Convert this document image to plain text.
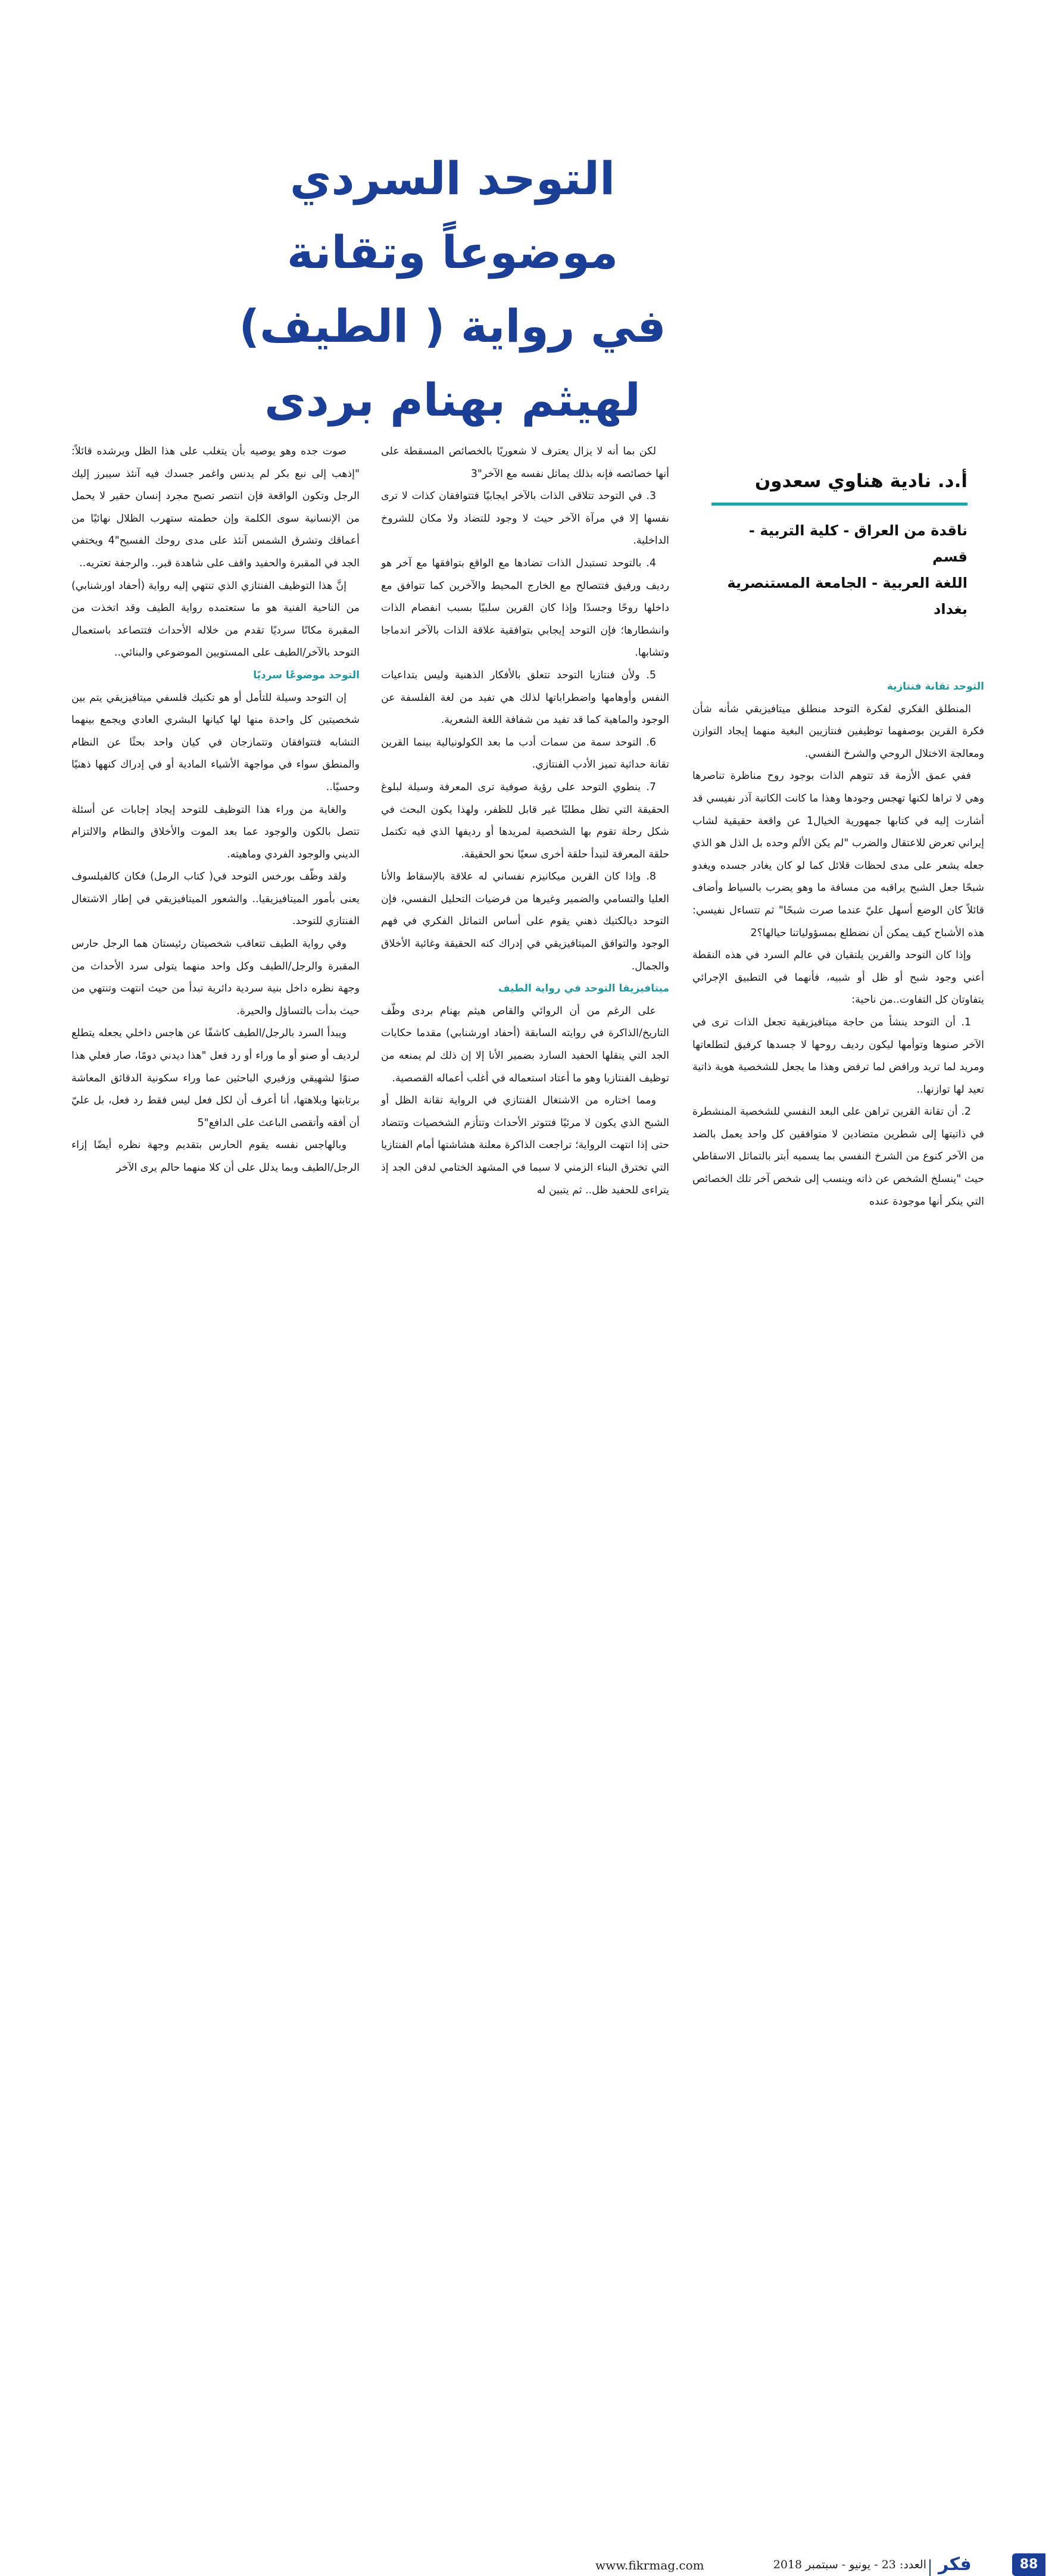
التوحد السردي
موضوعاً وتقانة
في رواية ( الطيف)
لهيثم بهنام بردى
أ.د. نادية هناوي سعدون
ناقدة من العراق - كلية التربية - قسم
اللغة العربية - الجامعة المستنصرية
بغداد

التوحد تقانة فنتازية

المنطلق الفكري لفكرة التوحد منطلق ميتافيزيقي شأنه شأن فكرة القرين بوصفهما توظيفين فنتازيين البغية منهما إيجاد التوازن ومعالجة الاختلال الروحي والشرخ النفسي.

ففي عمق الأزمة قد تتوهم الذات بوجود روح مناظرة تناصرها وهي لا تراها لكنها تهجس وجودها وهذا ما كانت الكاتبة آذر نفيسي قد أشارت إليه في كتابها جمهورية الخيال1 عن واقعة حقيقية لشاب إيراني تعرض للاعتقال والضرب "لم يكن الألم وحده بل الذل هو الذي جعله يشعر على مدى لحظات قلائل كما لو كان يغادر جسده ويغدو شبحًا جعل الشبح يراقبه من مسافة ما وهو يضرب بالسياط وأضاف قائلاً كان الوضع أسهل عليّ عندما صرت شبحًا" ثم تتساءل نفيسي: هذه الأشباح كيف يمكن أن نضطلع بمسؤولياتنا حيالها؟2

وإذا كان التوحد والقرين يلتقيان في عالم السرد في هذه النقطة أعني وجود شبح أو ظل أو شبيه، فأنهما في التطبيق الإجرائي يتفاوتان كل التفاوت..من ناحية:

1. أن التوحد ينشأ من حاجة ميتافيزيقية تجعل الذات ترى في الآخر صنوها وتوأمها ليكون رديف روحها لا جسدها كرفيق لتطلعاتها ومريد لما تريد ورافض لما ترفض وهذا ما يجعل للشخصية هوية ذاتية تعيد لها توازنها..

2. أن تقانة القرين تراهن على البعد النفسي للشخصية المنشطرة في ذاتيتها إلى شطرين متضادين لا متوافقين كل واحد يعمل بالضد من الآخر كنوع من الشرخ النفسي بما يسميه أبتر بالتماثل الاسقاطي حيث "ينسلخ الشخص عن ذاته وينسب إلى شخص آخر تلك الخصائص التي ينكر أنها موجودة عنده

لكن بما أنه لا يزال يعترف لا شعوريًا بالخصائص المسقطة على أنها خصائصه فإنه بذلك يماثل نفسه مع الآخر"3

3. في التوحد تتلاقى الذات بالآخر ايجابيًا فتتوافقان كذات لا ترى نفسها إلا في مرآة الآخر حيث لا وجود للتضاد ولا مكان للشروخ الداخلية.

4. بالتوحد تستبدل الذات تضادها مع الواقع بتوافقها مع آخر هو رديف ورفيق فتتصالح مع الخارج المحيط والآخرين كما تتوافق مع داخلها روحًا وجسدًا وإذا كان القرين سلبيًا بسبب انفصام الذات وانشطارها؛ فإن التوحد إيجابي بتوافقية علاقة الذات بالآخر اندماجا وتشابها.

5. ولأن فنتازيا التوحد تتعلق بالأفكار الذهنية وليس بتداعيات النفس وأوهامها واضطراباتها لذلك هي تفيد من لغة الفلسفة عن الوجود والماهية كما قد تفيد من شفافة اللغة الشعرية.

6. التوحد سمة من سمات أدب ما بعد الكولونيالية بينما القرين تقانة حداثية تميز الأدب الفنتازي.

7. ينطوي التوحد على رؤية صوفية ترى المعرفة وسيلة لبلوغ الحقيقة التي تظل مطلبًا غير قابل للظفر، ولهذا يكون البحث في شكل رحلة تقوم بها الشخصية لمريدها أو رديفها الذي فيه تكتمل حلقة المعرفة لتبدأ حلقة أخرى سعيًا نحو الحقيقة.

8. وإذا كان القرين ميكانيزم نفساني له علاقة بالإسقاط والأنا العليا والتسامي والضمير وغيرها من فرضيات التحليل النفسي، فإن التوحد ديالكتيك ذهني يقوم على أساس التماثل الفكري في فهم الوجود والتوافق الميتافيزيقي في إدراك كنه الحقيقة وغائية الأخلاق والجمال.

ميتافيزيقا التوحد في رواية الطيف

على الرغم من أن الروائي والقاص هيثم بهنام بردى وظّف التاريخ/الذاكرة في روايته السابقة (أحفاد اورشنابي) مقدما حكايات الجد التي ينقلها الحفيد السارد بضمير الأنا إلا إن ذلك لم يمنعه من توظيف الفنتازيا وهو ما أعتاد استعماله في أغلب أعماله القصصية.

ومما اختاره من الاشتغال الفنتازي في الرواية تقانة الظل أو الشبح الذي يكون لا مرئيًا فتتوتر الأحداث وتتأزم الشخصيات وتتضاد حتى إذا انتهت الرواية؛ تراجعت الذاكرة معلنة هشاشتها أمام الفنتازيا التي تخترق البناء الزمني لا سيما في المشهد الختامي لدفن الجد إذ يتراءى للحفيد ظل.. ثم يتبين له

صوت جده وهو يوصيه بأن يتغلب على هذا الظل ويرشده قائلاً: "إذهب إلى نبع بكر لم يدنس واغمر جسدك فيه آنئذ سيبرز إليك الرجل وتكون الواقعة فإن انتصر تصبح مجرد إنسان حقير لا يحمل من الإنسانية سوى الكلمة وإن حطمته ستهرب الظلال نهائيًا من أعماقك وتشرق الشمس آنئذ على مدى روحك الفسيح"4 ويختفي الجد في المقبرة والحفيد واقف على شاهدة قبر.. والرجفة تعتريه..

إنَّ هذا التوظيف الفنتازي الذي تنتهي إليه رواية (أحفاد اورشنابي) من الناحية الفنية هو ما ستعتمده رواية الطيف وقد اتخذت من المقبرة مكانًا سرديًا تقدم من خلاله الأحداث فتتصاعد باستعمال التوحد بالآخر/الطيف على المستويين الموضوعي والبنائي..

التوحد موضوعًا سرديًا

إن التوحد وسيلة للتأمل أو هو تكنيك فلسفي ميتافيزيقي يتم بين شخصيتين كل واحدة منها لها كيانها البشري العادي ويجمع بينهما التشابه فتتوافقان وتتمازجان في كيان واحد بحثًا عن النظام والمنطق سواء في مواجهة الأشياء المادية أو في إدراك كنهها ذهنيًا وحسيًا..

والغاية من وراء هذا التوظيف للتوحد إيجاد إجابات عن أسئلة تتصل بالكون والوجود عما بعد الموت والأخلاق والنظام والالتزام الديني والوجود الفردي وماهيته.

ولقد وظّف بورخس التوحد في( كتاب الرمل) فكان كالفيلسوف يعنى بأمور الميتافيزيقيا.. والشعور الميتافيزيقي في إطار الاشتغال الفنتازي للتوحد.

وفي رواية الطيف تتعاقب شخصيتان رئيستان هما الرجل حارس المقبرة والرجل/الطيف وكل واحد منهما يتولى سرد الأحداث من وجهة نظره داخل بنية سردية دائرية تبدأ من حيث انتهت وتنتهي من حيث بدأت بالتساؤل والحيرة.

ويبدأ السرد بالرجل/الطيف كاشفًا عن هاجس داخلي يجعله يتطلع لرديف أو صنو أو ما وراء أو رد فعل "هذا ديدني دومًا، صار فعلي هذا صنوًا لشهيقي وزفيري الباحثين عما وراء سكونية الدقائق المعاشة برتابتها وبلاهتها، أنا أعرف أن لكل فعل ليس فقط رد فعل، بل عليّ أن أفقه وأتقصى الباعث على الدافع"5

وبالهاجس نفسه يقوم الحارس بتقديم وجهة نظره أيضًا إزاء الرجل/الطيف وبما يدلل على أن كلا منهما حالم يرى الآخر

88
فكر
العدد: 23 - يونيو - سبتمبر 2018
www.fikrmag.com
